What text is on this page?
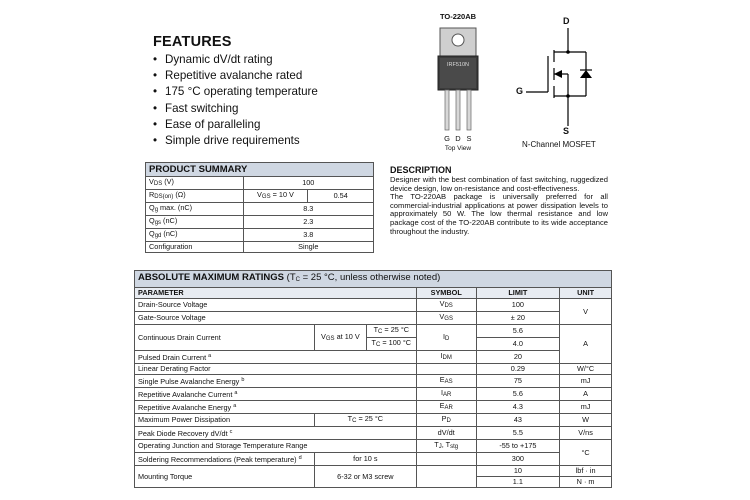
FEATURES
• Dynamic dV/dt rating
• Repetitive avalanche rated
• 175 °C operating temperature
• Fast switching
• Ease of paralleling
• Simple drive requirements
TO-220AB
IRF510N
G D S
Top View
D
G
S
N-Channel MOSFET
PRODUCT SUMMARY		
$V_{DS}$ (V)	100	
$R_{DS(on)}$ (Ω)	$V_{GS} = 10$ V	0.54
$Q_g$ max. (nC)	8.3	
$Q_{gs}$ (nC)	2.3	
$Q_{gd}$ (nC)	3.8	
Configuration	Single	
DESCRIPTION

Designer with the best combination of fast switching, ruggedized device design, low on-resistance and cost-effectiveness.

The TO-220AB package is universally preferred for all commercial-industrial applications at power dissipation levels to approximately 50 W. The low thermal resistance and low package cost of the TO-220AB contribute to its wide acceptance throughout the industry.

ABSOLUTE MAXIMUM RATINGS ($T_C = 25$ °C, unless otherwise noted)					
PARAMETER			SYMBOL	LIMIT	UNIT
Drain-Source Voltage			$V_{DS}$	100	V
Gate-Source Voltage			$V_{GS}$	± 20	
Continuous Drain Current	$V_{GS}$ at 10 V	$T_C = 25$ °C	$I_D$	5.6	A
		$T_C = 100$ °C		4.0	
Pulsed Drain Current $^a$			$I_{DM}$	20	
Linear Derating Factor				0.29	W/°C
Single Pulse Avalanche Energy $^b$			$E_{AS}$	75	mJ
Repetitive Avalanche Current $^a$			$I_{AR}$	5.6	A
Repetitive Avalanche Energy $^a$			$E_{AR}$	4.3	mJ
Maximum Power Dissipation	$T_C = 25$ °C		$P_D$	43	W
Peak Diode Recovery dV/dt $^c$			dV/dt	5.5	V/ns
Operating Junction and Storage Temperature Range			$T_J$, $T_{stg}$	-55 to +175	°C
Soldering Recommendations (Peak temperature) $^d$	for 10 s			300	
Mounting Torque	6-32 or M3 screw			10	lbf · in
				1.1	N · m
